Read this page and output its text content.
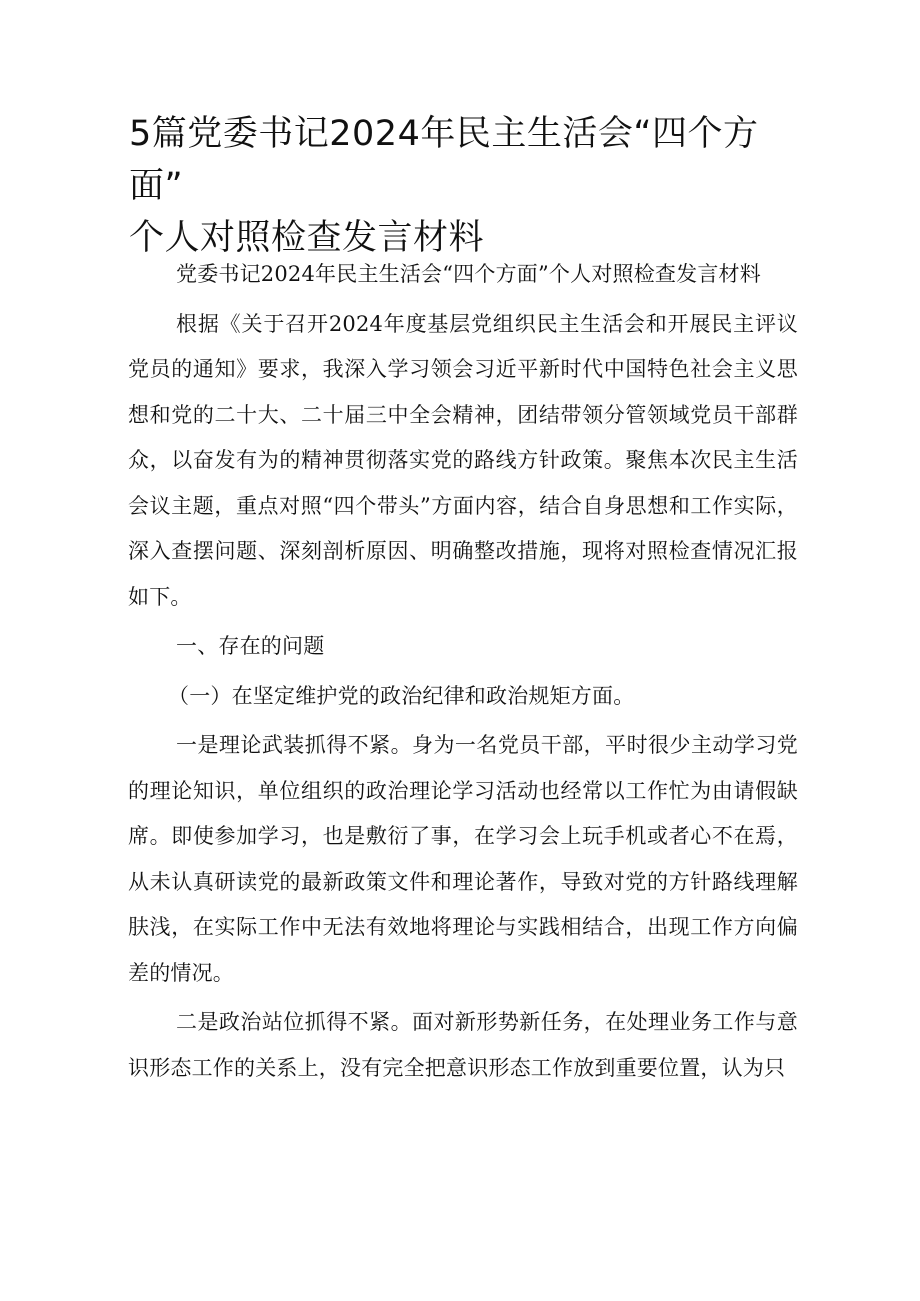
5篇党委书记2024年民主生活会“四个方面”
个人对照检查发言材料

党委书记2024年民主生活会“四个方面”个人对照检查发言材料

根据《关于召开2024年度基层党组织民主生活会和开展民主评议党员的通知》要求，我深入学习领会习近平新时代中国特色社会主义思想和党的二十大、二十届三中全会精神，团结带领分管领域党员干部群众，以奋发有为的精神贯彻落实党的路线方针政策。聚焦本次民主生活会议主题，重点对照“四个带头”方面内容，结合自身思想和工作实际，深入查摆问题、深刻剖析原因、明确整改措施，现将对照检查情况汇报如下。

一、存在的问题

（一）在坚定维护党的政治纪律和政治规矩方面。

一是理论武装抓得不紧。身为一名党员干部，平时很少主动学习党的理论知识，单位组织的政治理论学习活动也经常以工作忙为由请假缺席。即使参加学习，也是敷衍了事，在学习会上玩手机或者心不在焉，从未认真研读党的最新政策文件和理论著作，导致对党的方针路线理解肤浅，在实际工作中无法有效地将理论与实践相结合，出现工作方向偏差的情况。

二是政治站位抓得不紧。面对新形势新任务，在处理业务工作与意识形态工作的关系上，没有完全把意识形态工作放到重要位置，认为只
